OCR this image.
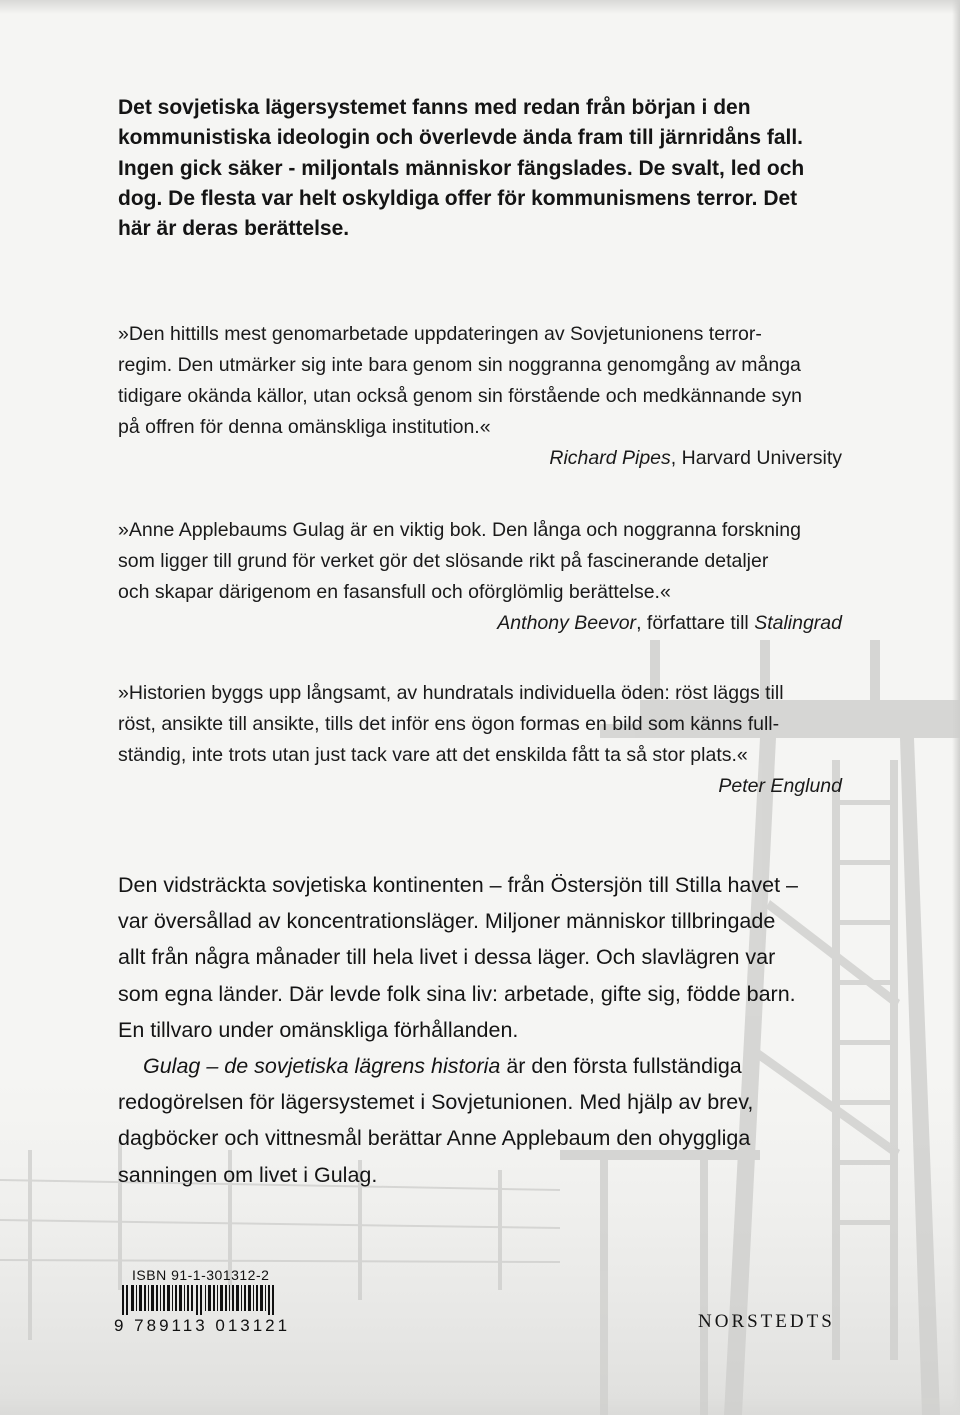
Det sovjetiska lägersystemet fanns med redan från början i den
kommunistiska ideologin och överlevde ända fram till järnridåns fall.
Ingen gick säker - miljontals människor fängslades. De svalt, led och
dog. De flesta var helt oskyldiga offer för kommunismens terror. Det
här är deras berättelse.
»Den hittills mest genomarbetade uppdateringen av Sovjetunionens terror-
regim. Den utmärker sig inte bara genom sin noggranna genomgång av många
tidigare okända källor, utan också genom sin förstående och medkännande syn
på offren för denna omänskliga institution.«
Richard Pipes, Harvard University
»Anne Applebaums Gulag är en viktig bok. Den långa och noggranna forskning
som ligger till grund för verket gör det slösande rikt på fascinerande detaljer
och skapar därigenom en fasansfull och oförglömlig berättelse.«
Anthony Beevor, författare till Stalingrad
»Historien byggs upp långsamt, av hundratals individuella öden: röst läggs till
röst, ansikte till ansikte, tills det inför ens ögon formas en bild som känns full-
ständig, inte trots utan just tack vare att det enskilda fått ta så stor plats.«
Peter Englund

Den vidsträckta sovjetiska kontinenten – från Östersjön till Stilla havet –
var översållad av koncentrationsläger. Miljoner människor tillbringade
allt från några månader till hela livet i dessa läger. Och slavlägren var
som egna länder. Där levde folk sina liv: arbetade, gifte sig, födde barn.
En tillvaro under omänskliga förhållanden.

Gulag – de sovjetiska lägrens historia är den första fullständiga

redogörelsen för lägersystemet i Sovjetunionen. Med hjälp av brev,
dagböcker och vittnesmål berättar Anne Applebaum den ohyggliga
sanningen om livet i Gulag.

ISBN 91-1-301312-2
9 789113 013121	NORSTEDTS
